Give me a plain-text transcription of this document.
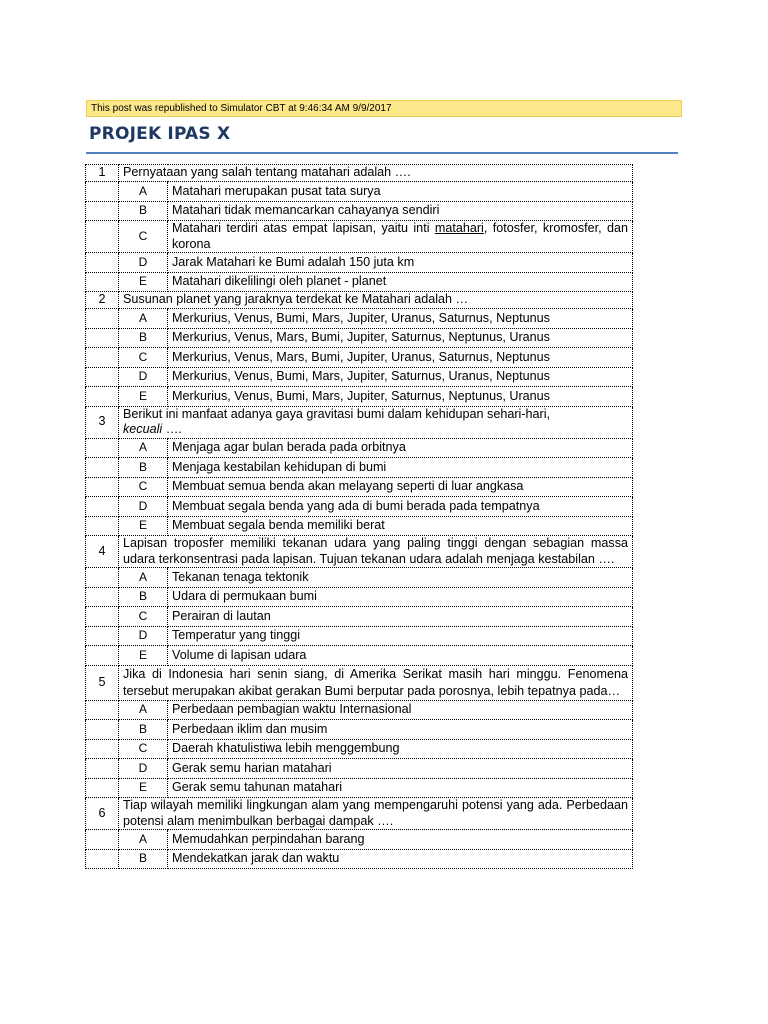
This post was republished to Simulator CBT at 9:46:34 AM 9/9/2017
PROJEK IPAS X
1	Pernyataan yang salah tentang matahari adalah ….	
	A	Matahari merupakan pusat tata surya
	B	Matahari tidak memancarkan cahayanya sendiri
	C	Matahari terdiri atas empat lapisan, yaitu inti matahari, fotosfer, kromosfer, dan korona
	D	Jarak Matahari ke Bumi adalah 150 juta km
	E	Matahari dikelilingi oleh planet - planet
2	Susunan planet yang jaraknya terdekat ke Matahari adalah …	
	A	Merkurius, Venus, Bumi, Mars, Jupiter, Uranus, Saturnus, Neptunus
	B	Merkurius, Venus, Mars, Bumi, Jupiter, Saturnus, Neptunus, Uranus
	C	Merkurius, Venus, Mars, Bumi, Jupiter, Uranus, Saturnus, Neptunus
	D	Merkurius, Venus, Bumi, Mars, Jupiter, Saturnus, Uranus, Neptunus
	E	Merkurius, Venus, Bumi, Mars, Jupiter, Saturnus, Neptunus, Uranus
3	Berikut ini manfaat adanya gaya gravitasi bumi dalam kehidupan sehari-hari,
kecuali ….	
	A	Menjaga agar bulan berada pada orbitnya
	B	Menjaga kestabilan kehidupan di bumi
	C	Membuat semua benda akan melayang seperti di luar angkasa
	D	Membuat segala benda yang ada di bumi berada pada tempatnya
	E	Membuat segala benda memiliki berat
4	Lapisan troposfer memiliki tekanan udara yang paling tinggi dengan sebagian massa udara terkonsentrasi pada lapisan. Tujuan tekanan udara adalah menjaga kestabilan ….	
	A	Tekanan tenaga tektonik
	B	Udara di permukaan bumi
	C	Perairan di lautan
	D	Temperatur yang tinggi
	E	Volume di lapisan udara
5	Jika di Indonesia hari senin siang, di Amerika Serikat masih hari minggu. Fenomena tersebut merupakan akibat gerakan Bumi berputar pada porosnya, lebih tepatnya pada…	
	A	Perbedaan pembagian waktu Internasional
	B	Perbedaan iklim dan musim
	C	Daerah khatulistiwa lebih menggembung
	D	Gerak semu harian matahari
	E	Gerak semu tahunan matahari
6	Tiap wilayah memiliki lingkungan alam yang mempengaruhi potensi yang ada. Perbedaan potensi alam menimbulkan berbagai dampak ….	
	A	Memudahkan perpindahan barang
	B	Mendekatkan jarak dan waktu
